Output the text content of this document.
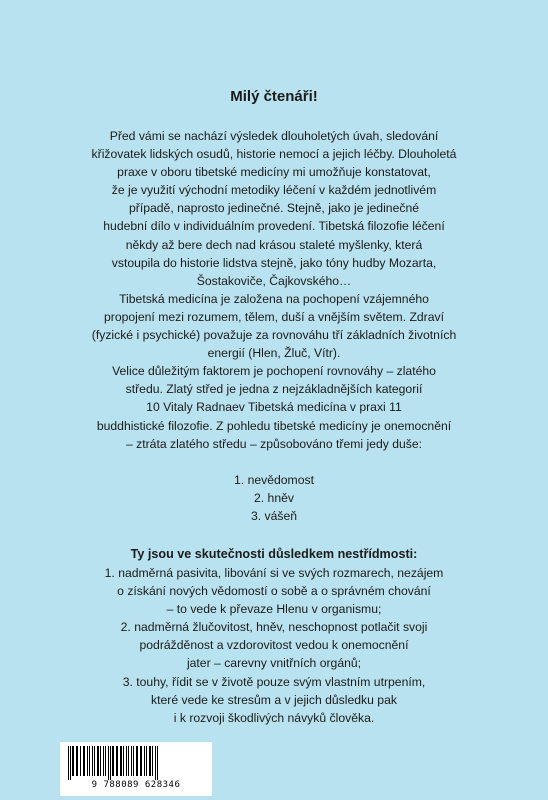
Milý čtenáři!
Před vámi se nachází výsledek dlouholetých úvah, sledování
křižovatek lidských osudů, historie nemocí a jejich léčby. Dlouholetá
praxe v oboru tibetské medicíny mi umožňuje konstatovat,
že je využití východní metodiky léčení v každém jednotlivém
případě, naprosto jedinečné. Stejně, jako je jedinečné
hudební dílo v individuálním provedení. Tibetská filozofie léčení
někdy až bere dech nad krásou staleté myšlenky, která
vstoupila do historie lidstva stejně, jako tóny hudby Mozarta,
Šostakoviče, Čajkovského…
Tibetská medicína je založena na pochopení vzájemného
propojení mezi rozumem, tělem, duší a vnějším světem. Zdraví
(fyzické i psychické) považuje za rovnováhu tří základních životních
energií (Hlen, Žluč, Vítr).
Velice důležitým faktorem je pochopení rovnováhy – zlatého
středu. Zlatý střed je jedna z nejzákladnějších kategorií
10 Vitaly Radnaev Tibetská medicína v praxi 11
buddhistické filozofie. Z pohledu tibetské medicíny je onemocnění
– ztráta zlatého středu – způsobováno třemi jedy duše:
1. nevědomost
2. hněv
3. vášeň
Ty jsou ve skutečnosti důsledkem nestřídmosti:
1. nadměrná pasivita, libování si ve svých rozmarech, nezájem
o získání nových vědomostí o sobě a o správném chování
– to vede k převaze Hlenu v organismu;
2. nadměrná žlučovitost, hněv, neschopnost potlačit svoji
podrážděnost a vzdorovitost vedou k onemocnění
jater – carevny vnitřních orgánů;
3. touhy, řídit se v životě pouze svým vlastním utrpením,
které vede ke stresům a v jejich důsledku pak
i k rozvoji škodlivých návyků člověka.
9 788089 628346
